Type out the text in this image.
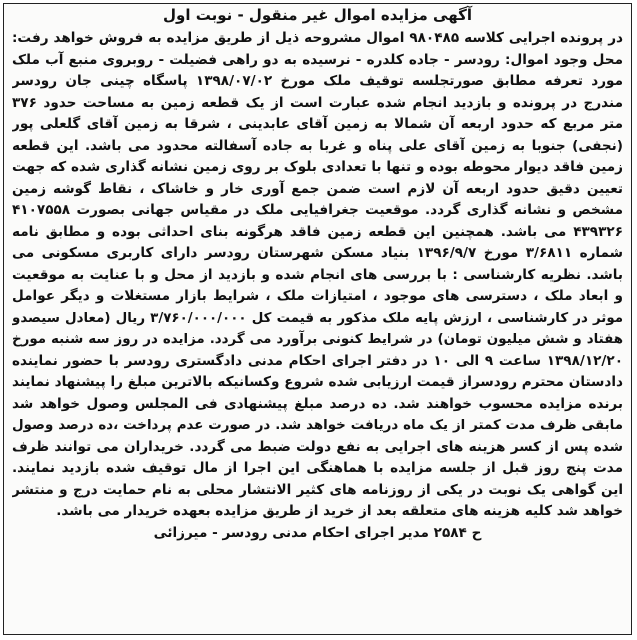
آگهی مزایده اموال غیر منقول - نوبت اول
در پرونده اجرایی کلاسه ۹۸۰۴۸۵ اموال مشروحه ذیل از طریق مزایده به فروش خواهد رفت:
محل وجود اموال: رودسر - جاده کلدره - نرسیده به دو راهی فضیلت - روبروی منبع آب ملک
مورد تعرفه مطابق صورتجلسه توقیف ملک مورخ ۱۳۹۸/۰۷/۰۲ پاسگاه چینی جان رودسر
مندرج در پرونده و بازدید انجام شده عبارت است از یک قطعه زمین به مساحت حدود ۳۷۶
متر مربع که حدود اربعه آن شمالا به زمین آقای عابدینی ، شرقا به زمین آقای گلعلی پور
(نجفی) جنوبا به زمین آقای علی پناه و غربا به جاده آسفالته محدود می باشد. این قطعه
زمین فاقد دیوار محوطه بوده و تنها با تعدادی بلوک بر روی زمین نشانه گذاری شده که جهت
تعیین دقیق حدود اربعه آن لازم است ضمن جمع آوری خار و خاشاک ، نقاط گوشه زمین
مشخص و نشانه گذاری گردد. موقعیت جغرافیایی ملک در مقیاس جهانی بصورت ۴۱۰۷۵۵۸
۴۳۹۳۲۶ می باشد. همچنین این قطعه زمین فاقد هرگونه بنای احداثی بوده و مطابق نامه
شماره ۳/۶۸۱۱ مورخ ۱۳۹۶/۹/۷ بنیاد مسکن شهرستان رودسر دارای کاربری مسکونی می
باشد. نظریه کارشناسی : با بررسی های انجام شده و بازدید از محل و با عنایت به موقعیت
و ابعاد ملک ، دسترسی های موجود ، امتیازات ملک ، شرایط بازار مستغلات و دیگر عوامل
موثر در کارشناسی ، ارزش پایه ملک مذکور به قیمت کل ۳/۷۶۰/۰۰۰/۰۰۰ ریال (معادل سیصدو
هفتاد و شش میلیون تومان) در شرایط کنونی برآورد می گردد. مزایده در روز سه شنبه مورخ
۱۳۹۸/۱۲/۲۰ ساعت ۹ الی ۱۰ در دفتر اجرای احکام مدنی دادگستری رودسر با حضور نماینده
دادستان محترم رودسراز قیمت ارزیابی شده شروع وکسانیکه بالاترین مبلغ را پیشنهاد نمایند
برنده مزایده محسوب خواهند شد. ده درصد مبلغ پیشنهادی فی المجلس وصول خواهد شد
مابقی ظرف مدت کمتر از یک ماه دریافت خواهد شد. در صورت عدم پرداخت ،ده درصد وصول
شده پس از کسر هزینه های اجرایی به نفع دولت ضبط می گردد. خریداران می توانند ظرف
مدت پنج روز قبل از جلسه مزایده با هماهنگی این اجرا از مال توقیف شده بازدید نمایند.
این گواهی یک نوبت در یکی از روزنامه های کثیر الانتشار محلی به نام حمایت درج و منتشر
خواهد شد کلیه هزینه های متعلقه بعد از خرید از طریق مزایده بعهده خریدار می باشد.
ح ۲۵۸۴ مدیر اجرای احکام مدنی رودسر - میرزائی
